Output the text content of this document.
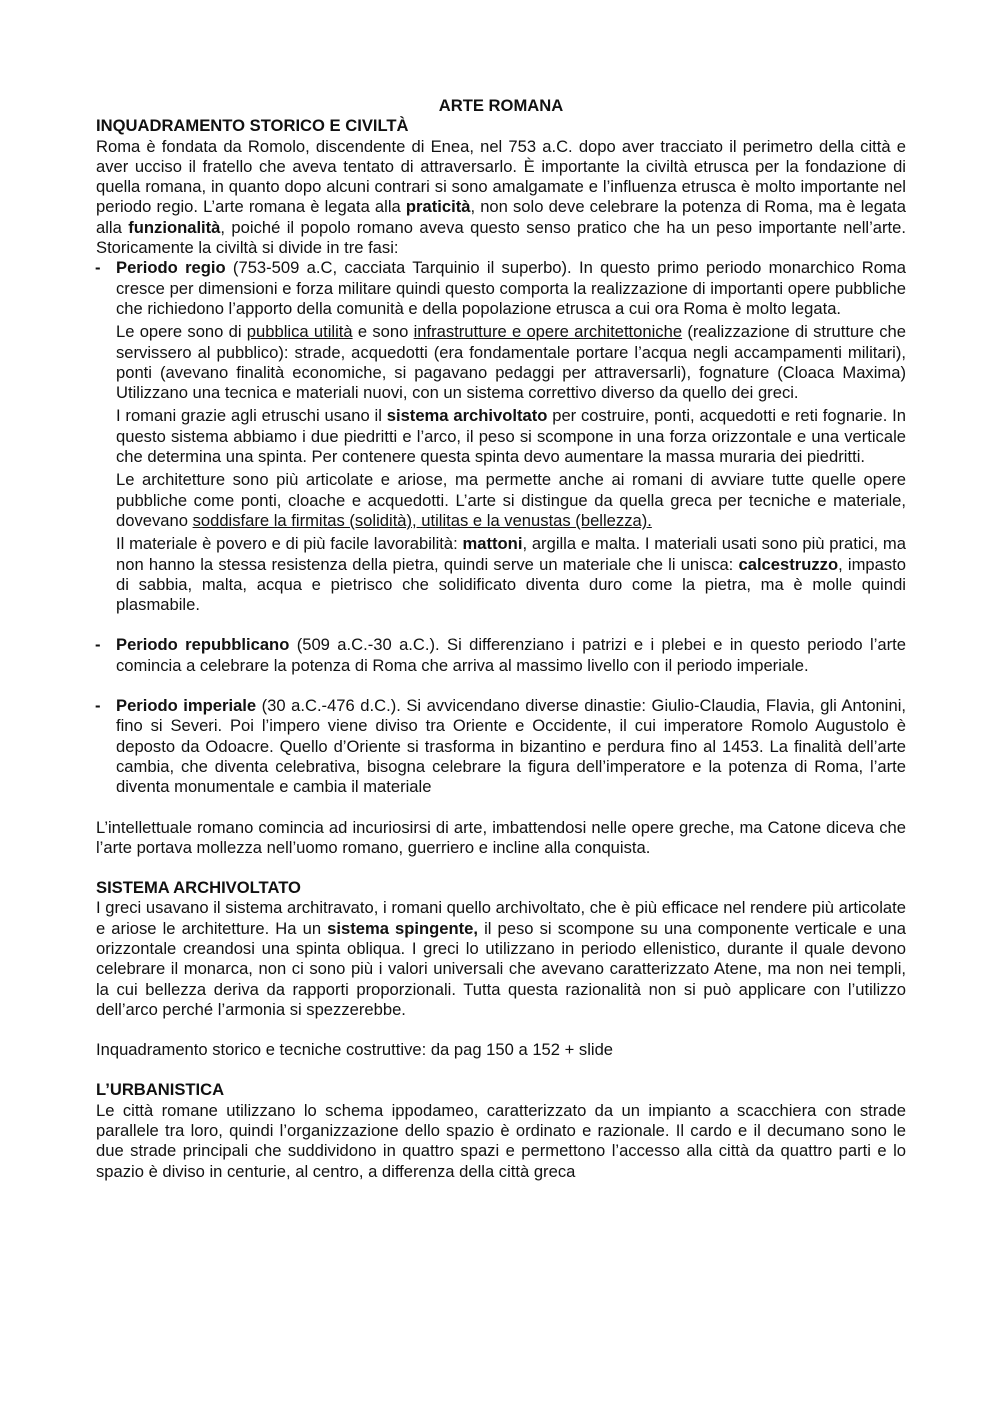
ARTE ROMANA

INQUADRAMENTO STORICO E CIVILTÀ

Roma è fondata da Romolo, discendente di Enea, nel 753 a.C. dopo aver tracciato il perimetro della città e aver ucciso il fratello che aveva tentato di attraversarlo. È importante la civiltà etrusca per la fondazione di quella romana, in quanto dopo alcuni contrari si sono amalgamate e l’influenza etrusca è molto importante nel periodo regio. L’arte romana è legata alla praticità, non solo deve celebrare la potenza di Roma, ma è legata alla funzionalità, poiché il popolo romano aveva questo senso pratico che ha un peso importante nell’arte. Storicamente la civiltà si divide in tre fasi:

- Periodo regio (753-509 a.C, cacciata Tarquinio il superbo). In questo primo periodo monarchico Roma cresce per dimensioni e forza militare quindi questo comporta la realizzazione di importanti opere pubbliche che richiedono l’apporto della comunità e della popolazione etrusca a cui ora Roma è molto legata.

Le opere sono di pubblica utilità e sono infrastrutture e opere architettoniche (realizzazione di strutture che servissero al pubblico): strade, acquedotti (era fondamentale portare l’acqua negli accampamenti militari), ponti (avevano finalità economiche, si pagavano pedaggi per attraversarli), fognature (Cloaca Maxima) Utilizzano una tecnica e materiali nuovi, con un sistema correttivo diverso da quello dei greci.

I romani grazie agli etruschi usano il sistema archivoltato per costruire, ponti, acquedotti e reti fognarie. In questo sistema abbiamo i due piedritti e l’arco, il peso si scompone in una forza orizzontale e una verticale che determina una spinta. Per contenere questa spinta devo aumentare la massa muraria dei piedritti.

Le architetture sono più articolate e ariose, ma permette anche ai romani di avviare tutte quelle opere pubbliche come ponti, cloache e acquedotti. L’arte si distingue da quella greca per tecniche e materiale, dovevano soddisfare la firmitas (solidità), utilitas e la venustas (bellezza).

Il materiale è povero e di più facile lavorabilità: mattoni, argilla e malta. I materiali usati sono più pratici, ma non hanno la stessa resistenza della pietra, quindi serve un materiale che li unisca: calcestruzzo, impasto di sabbia, malta, acqua e pietrisco che solidificato diventa duro come la pietra, ma è molle quindi plasmabile.

- Periodo repubblicano (509 a.C.-30 a.C.). Si differenziano i patrizi e i plebei e in questo periodo l’arte comincia a celebrare la potenza di Roma che arriva al massimo livello con il periodo imperiale.

- Periodo imperiale (30 a.C.-476 d.C.). Si avvicendano diverse dinastie: Giulio-Claudia, Flavia, gli Antonini, fino si Severi. Poi l’impero viene diviso tra Oriente e Occidente, il cui imperatore Romolo Augustolo è deposto da Odoacre. Quello d’Oriente si trasforma in bizantino e perdura fino al 1453. La finalità dell’arte cambia, che diventa celebrativa, bisogna celebrare la figura dell’imperatore e la potenza di Roma, l’arte diventa monumentale e cambia il materiale

L’intellettuale romano comincia ad incuriosirsi di arte, imbattendosi nelle opere greche, ma Catone diceva che l’arte portava mollezza nell’uomo romano, guerriero e incline alla conquista.

SISTEMA ARCHIVOLTATO

I greci usavano il sistema architravato, i romani quello archivoltato, che è più efficace nel rendere più articolate e ariose le architetture. Ha un sistema spingente, il peso si scompone su una componente verticale e una orizzontale creandosi una spinta obliqua. I greci lo utilizzano in periodo ellenistico, durante il quale devono celebrare il monarca, non ci sono più i valori universali che avevano caratterizzato Atene, ma non nei templi, la cui bellezza deriva da rapporti proporzionali. Tutta questa razionalità non si può applicare con l’utilizzo dell’arco perché l’armonia si spezzerebbe.

Inquadramento storico e tecniche costruttive: da pag 150 a 152 + slide

L’URBANISTICA

Le città romane utilizzano lo schema ippodameo, caratterizzato da un impianto a scacchiera con strade parallele tra loro, quindi l’organizzazione dello spazio è ordinato e razionale. Il cardo e il decumano sono le due strade principali che suddividono in quattro spazi e permettono l’accesso alla città da quattro parti e lo spazio è diviso in centurie, al centro, a differenza della città greca
